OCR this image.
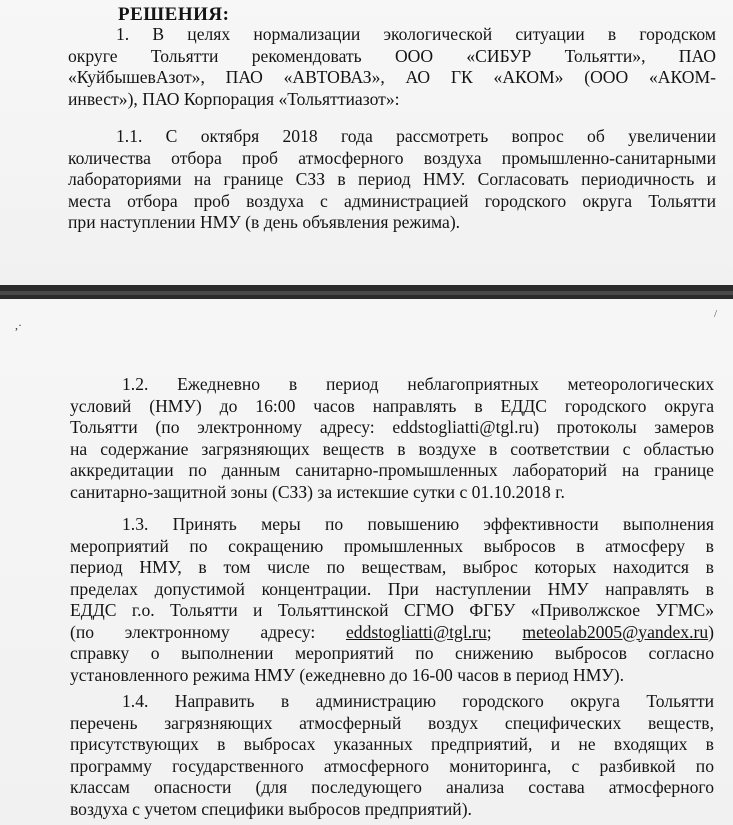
РЕШЕНИЯ:

1. В целях нормализации экологической ситуации в городском
округе Тольятти рекомендовать ООО «СИБУР Тольятти», ПАО
«КуйбышевАзот», ПАО «АВТОВАЗ», АО ГК «АКОМ» (ООО «АКОМ-
инвест»), ПАО Корпорация «Тольяттиазот»:

1.1. С октября 2018 года рассмотреть вопрос об увеличении
количества отбора проб атмосферного воздуха промышленно-санитарными
лабораториями на границе СЗЗ в период НМУ. Согласовать периодичность и
места отбора проб воздуха с администрацией городского округа Тольятти
при наступлении НМУ (в день объявления режима).

,·
/

1.2. Ежедневно в период неблагоприятных метеорологических
условий (НМУ) до 16:00 часов направлять в ЕДДС городского округа
Тольятти (по электронному адресу: eddstogliatti@tgl.ru) протоколы замеров
на содержание загрязняющих веществ в воздухе в соответствии с областью
аккредитации по данным санитарно-промышленных лабораторий на границе
санитарно-защитной зоны (СЗЗ) за истекшие сутки с 01.10.2018 г.

1.3. Принять меры по повышению эффективности выполнения
мероприятий по сокращению промышленных выбросов в атмосферу в
период НМУ, в том числе по веществам, выброс которых находится в
пределах допустимой концентрации. При наступлении НМУ направлять в
ЕДДС г.о. Тольятти и Тольяттинской СГМО ФГБУ «Приволжское УГМС»
(по электронному адресу: eddstogliatti@tgl.ru; meteolab2005@yandex.ru)
справку о выполнении мероприятий по снижению выбросов согласно
установленного режима НМУ (ежедневно до 16-00 часов в период НМУ).

1.4. Направить в администрацию городского округа Тольятти
перечень загрязняющих атмосферный воздух специфических веществ,
присутствующих в выбросах указанных предприятий, и не входящих в
программу государственного атмосферного мониторинга, с разбивкой по
классам опасности (для последующего анализа состава атмосферного
воздуха с учетом специфики выбросов предприятий).
